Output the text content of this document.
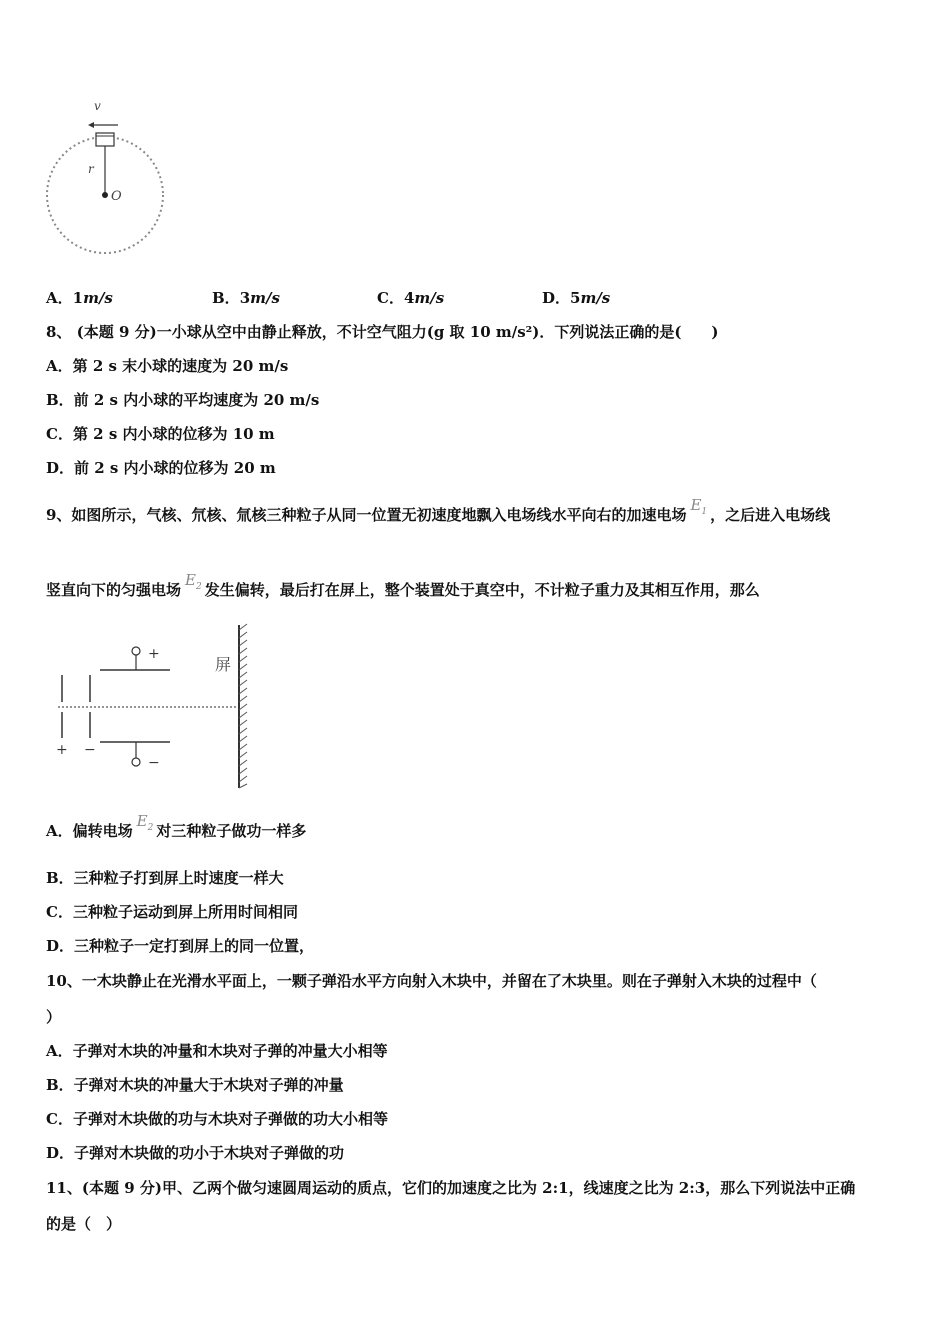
v
r
O
A．1m/s	B．3m/s	C．4m/s	D．5m/s
8、 (本题 9 分)一小球从空中由静止释放，不计空气阻力(g 取 10 m/s²)．下列说法正确的是(　　)
A．第 2 s 末小球的速度为 20 m/s
B．前 2 s 内小球的平均速度为 20 m/s
C．第 2 s 内小球的位移为 10 m
D．前 2 s 内小球的位移为 20 m
9、如图所示，气核、氘核、氚核三种粒子从同一位置无初速度地飘入电场线水平向右的加速电场$E_1$ ，之后进入电场线
竖直向下的匀强电场$E_2$ 发生偏转，最后打在屏上，整个装置处于真空中，不计粒子重力及其相互作用，那么
+ −
+
−
屏
A．偏转电场$E_2$ 对三种粒子做功一样多
B．三种粒子打到屏上时速度一样大
C．三种粒子运动到屏上所用时间相同
D．三种粒子一定打到屏上的同一位置，
10、一木块静止在光滑水平面上，一颗子弹沿水平方向射入木块中，并留在了木块里。则在子弹射入木块的过程中（
）
A．子弹对木块的冲量和木块对子弹的冲量大小相等
B．子弹对木块的冲量大于木块对子弹的冲量
C．子弹对木块做的功与木块对子弹做的功大小相等
D．子弹对木块做的功小于木块对子弹做的功
11、(本题 9 分)甲、乙两个做匀速圆周运动的质点，它们的加速度之比为 2:1，线速度之比为 2:3，那么下列说法中正确
的是（　）
